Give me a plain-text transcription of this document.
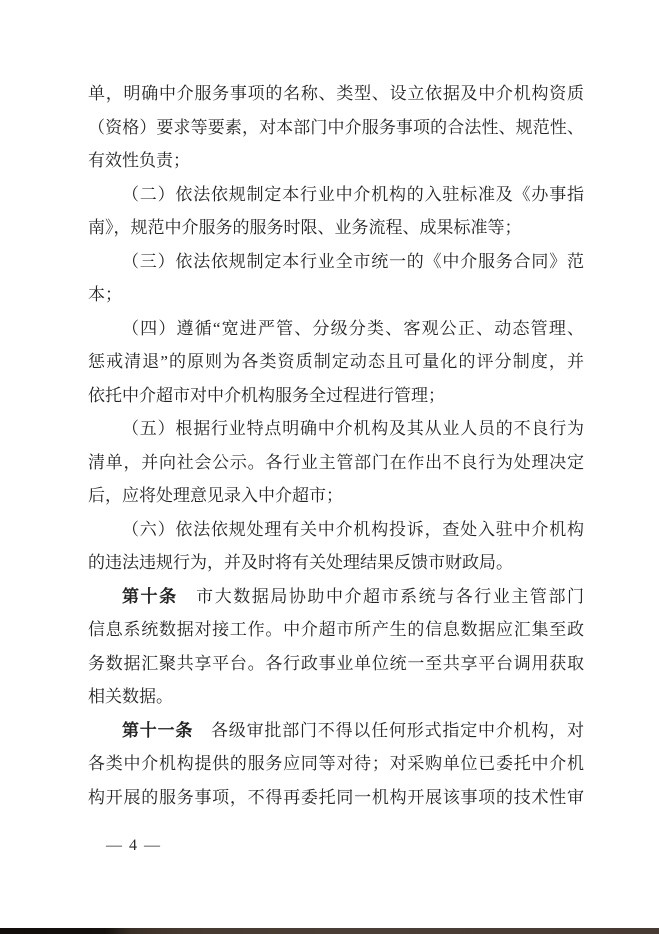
单，明确中介服务事项的名称、类型、设立依据及中介机构资质
（资格）要求等要素，对本部门中介服务事项的合法性、规范性、
有效性负责；
（二）依法依规制定本行业中介机构的入驻标准及《办事指
南》，规范中介服务的服务时限、业务流程、成果标准等；
（三）依法依规制定本行业全市统一的《中介服务合同》范
本；
（四）遵循“宽进严管、分级分类、客观公正、动态管理、
惩戒清退”的原则为各类资质制定动态且可量化的评分制度，并
依托中介超市对中介机构服务全过程进行管理；
（五）根据行业特点明确中介机构及其从业人员的不良行为
清单，并向社会公示。各行业主管部门在作出不良行为处理决定
后，应将处理意见录入中介超市；
（六）依法依规处理有关中介机构投诉，查处入驻中介机构
的违法违规行为，并及时将有关处理结果反馈市财政局。
第十条　市大数据局协助中介超市系统与各行业主管部门
信息系统数据对接工作。中介超市所产生的信息数据应汇集至政
务数据汇聚共享平台。各行政事业单位统一至共享平台调用获取
相关数据。
第十一条　各级审批部门不得以任何形式指定中介机构，对
各类中介机构提供的服务应同等对待；对采购单位已委托中介机
构开展的服务事项，不得再委托同一机构开展该事项的技术性审
— 4 —
